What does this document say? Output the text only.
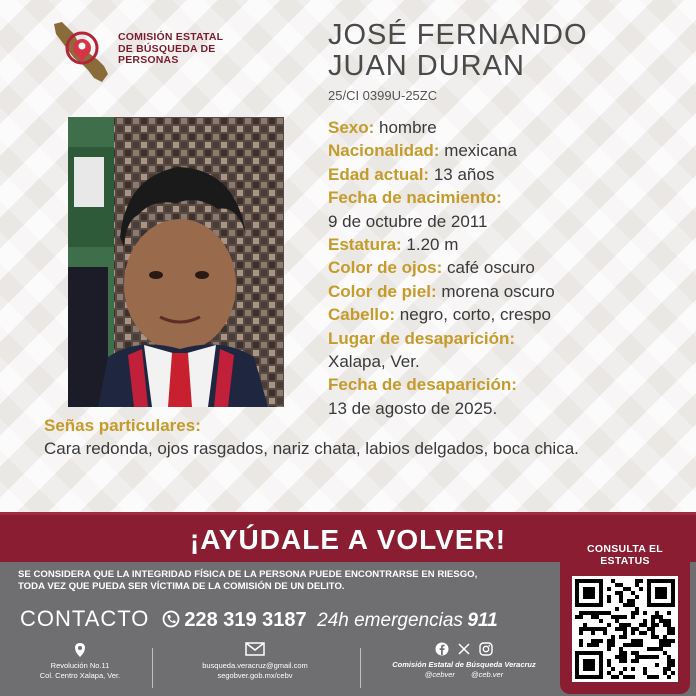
COMISIÓN ESTATAL
DE BÚSQUEDA DE
PERSONAS
JOSÉ FERNANDO
JUAN DURAN
25/CI 0399U-25ZC
Sexo: hombre
Nacionalidad: mexicana
Edad actual: 13 años
Fecha de nacimiento:
9 de octubre de 2011
Estatura: 1.20 m
Color de ojos: café oscuro
Color de piel: morena oscuro
Cabello: negro, corto, crespo
Lugar de desaparición:
Xalapa, Ver.
Fecha de desaparición:
13 de agosto de 2025.
Señas particulares:
Cara redonda, ojos rasgados, nariz chata, labios delgados, boca chica.
¡AYÚDALE A VOLVER!
SE CONSIDERA QUE LA INTEGRIDAD FÍSICA DE LA PERSONA PUEDE ENCONTRARSE EN RIESGO,
TODA VEZ QUE PUEDA SER VÍCTIMA DE LA COMISIÓN DE UN DELITO.
CONTACTO 228 319 3187 24h emergencias 911
Revolución No.11
Col. Centro Xalapa, Ver.
busqueda.veracruz@gmail.com
segobver.gob.mx/cebv

Comisión Estatal de Búsqueda Veracruz
@cebver @ceb.ver
CONSULTA EL
ESTATUS
